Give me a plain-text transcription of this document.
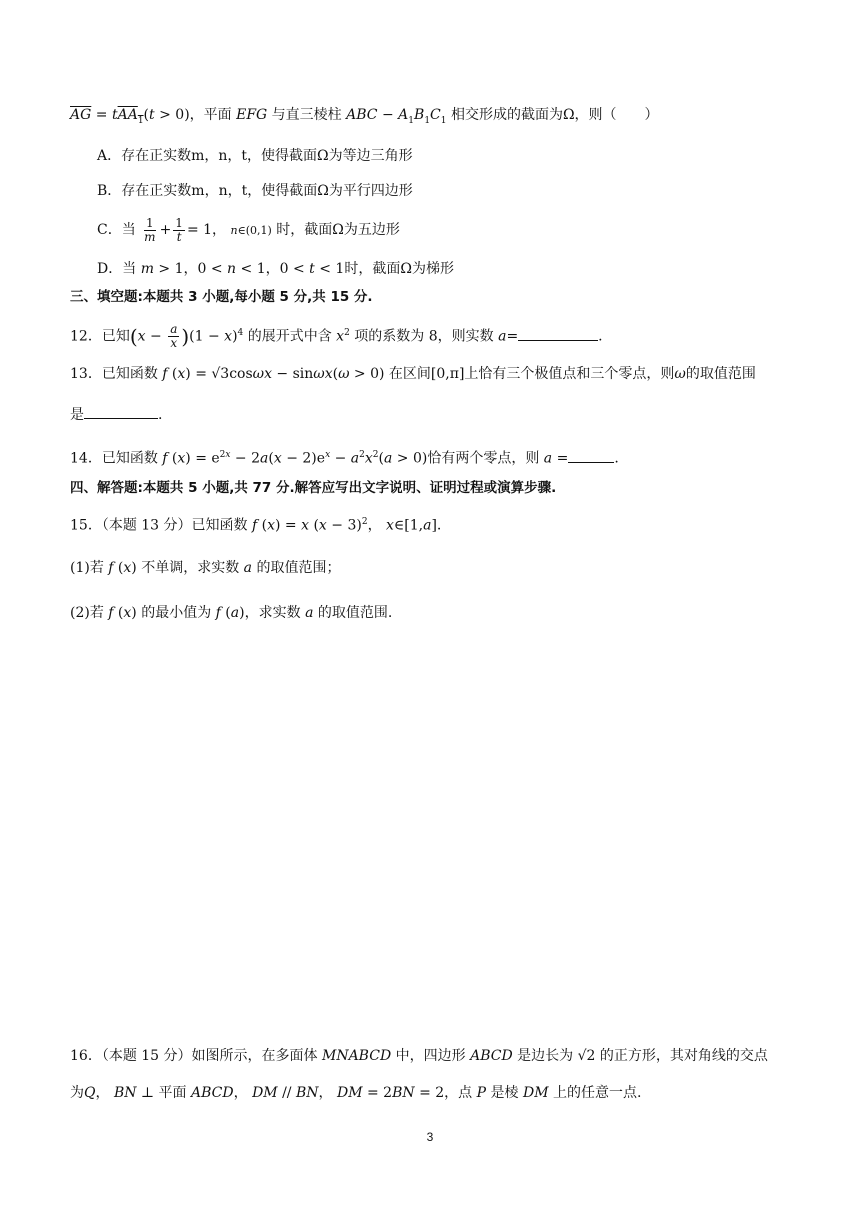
$\overline{AG} = tAA_1(t > 0)$，平面 EFG 与直三棱柱 ABC − $A_1B_1C_1$ 相交形成的截面为Ω，则（　　）
A．存在正实数m，n，t，使得截面Ω为等边三角形
B．存在正实数m，n，t，使得截面Ω为平行四边形
C．当 $\frac{1}{m} + \frac{1}{t} = 1$， n∈(0,1) 时，截面Ω为五边形
D．当 m > 1，0 < n < 1，0 < t < 1时，截面Ω为梯形
三、填空题:本题共 3 小题,每小题 5 分,共 15 分.
12．已知$(x - \frac{a}{x} )(1 - x)^4$ 的展开式中含 $x^2$ 项的系数为 8，则实数 a=	.
13．已知函数 f (x) = √3cosωx − sinωx(ω > 0) 在区间[0,π]上恰有三个极值点和三个零点，则ω的取值范围
是	.
14．已知函数 f $(x) = e^{2x} - 2a(x - 2)e^x - a^2x^2(a > 0)$恰有两个零点，则 a =	.
四、解答题:本题共 5 小题,共 77 分.解答应写出文字说明、证明过程或演算步骤.
15．（本题 13 分）已知函数 f (x) = x $(x - 3)^2$， x∈[1,a].
(1)若 f (x) 不单调，求实数 a 的取值范围；
(2)若 f (x) 的最小值为 f (a)，求实数 a 的取值范围.
16．（本题 15 分）如图所示，在多面体 MNABCD 中，四边形 ABCD 是边长为 √2 的正方形，其对角线的交点
为Q， BN ⊥ 平面 ABCD， DM // BN， DM = 2BN = 2，点 P 是棱 DM 上的任意一点.
3
